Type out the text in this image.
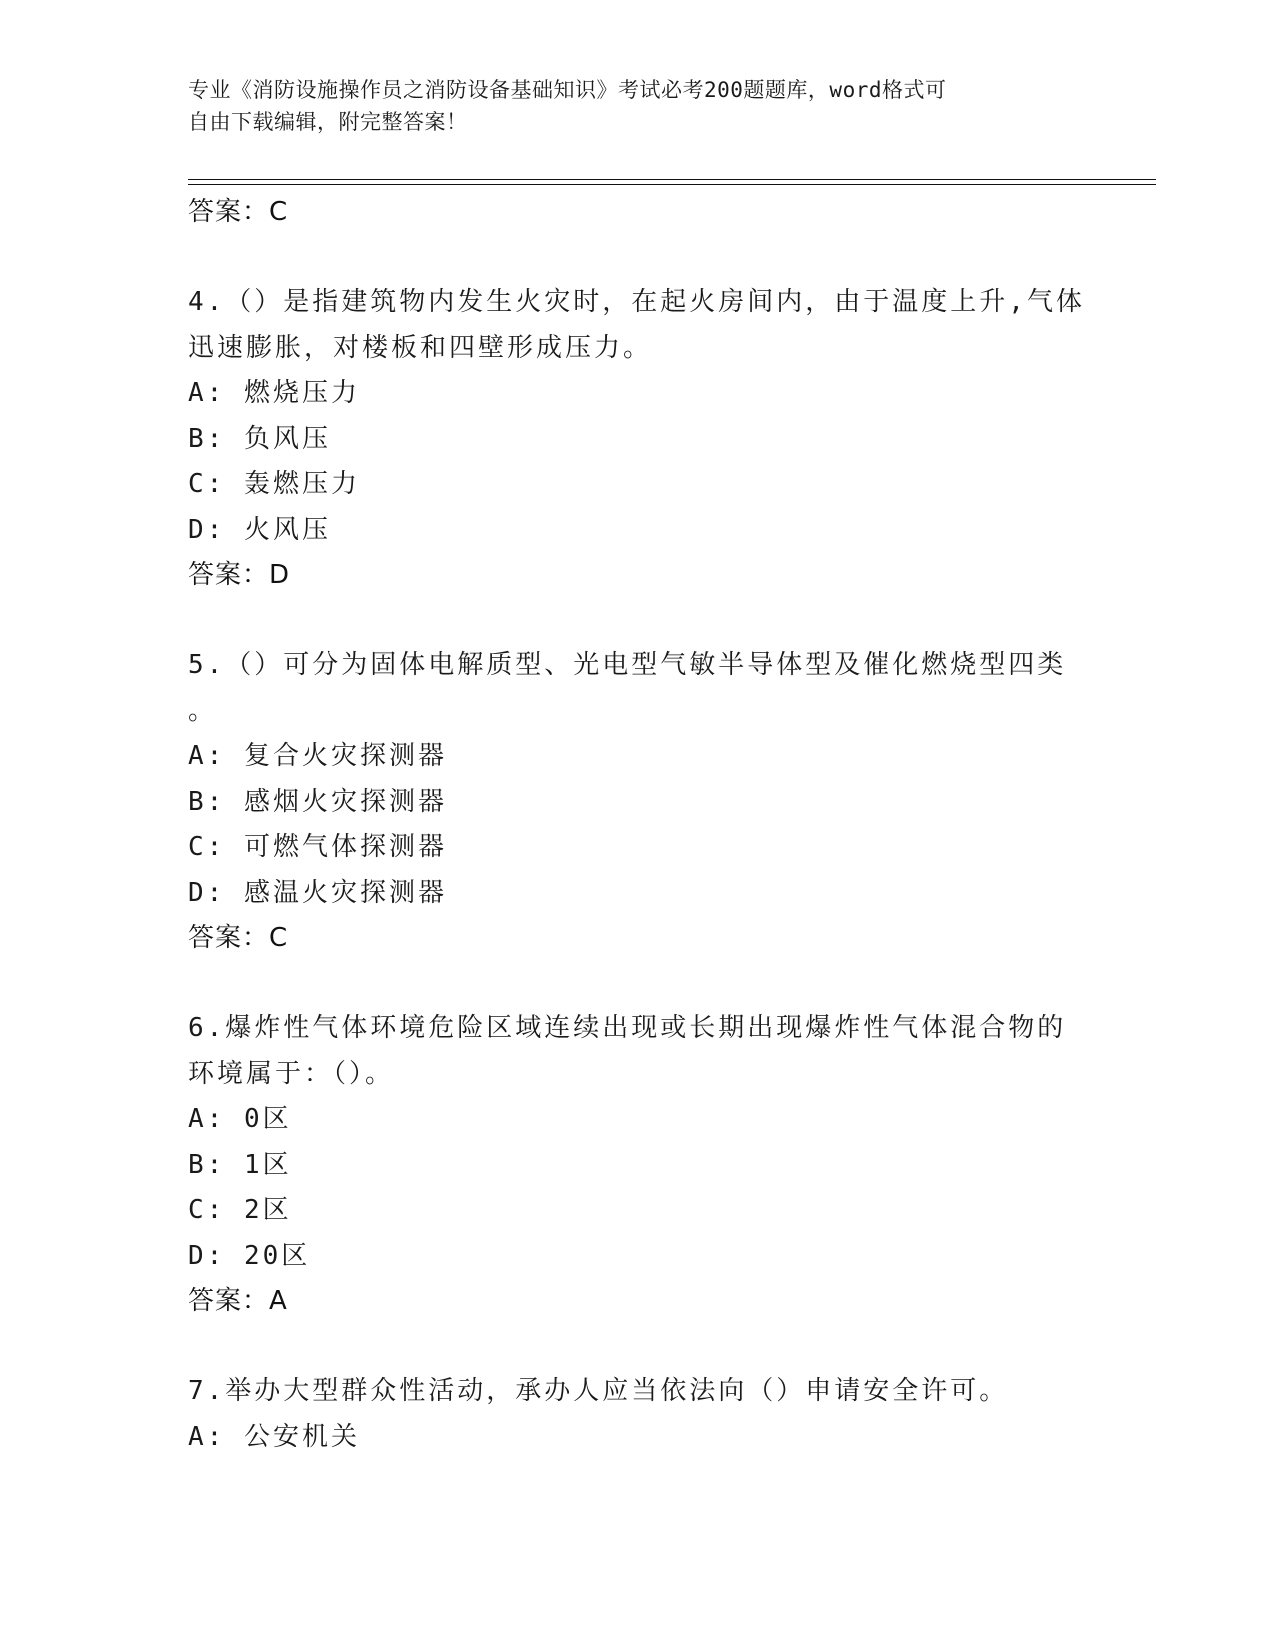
专业《消防设施操作员之消防设备基础知识》考试必考200题题库，word格式可
自由下载编辑，附完整答案！
答案：C
4.（）是指建筑物内发生火灾时，在起火房间内，由于温度上升,气体
迅速膨胀，对楼板和四壁形成压力。
A: 燃烧压力
B: 负风压
C: 轰燃压力
D: 火风压
答案：D
5.（）可分为固体电解质型、光电型气敏半导体型及催化燃烧型四类
。
A: 复合火灾探测器
B: 感烟火灾探测器
C: 可燃气体探测器
D: 感温火灾探测器
答案：C
6.爆炸性气体环境危险区域连续出现或长期出现爆炸性气体混合物的
环境属于：（）。
A: 0区
B: 1区
C: 2区
D: 20区
答案：A
7.举办大型群众性活动，承办人应当依法向（）申请安全许可。
A: 公安机关
